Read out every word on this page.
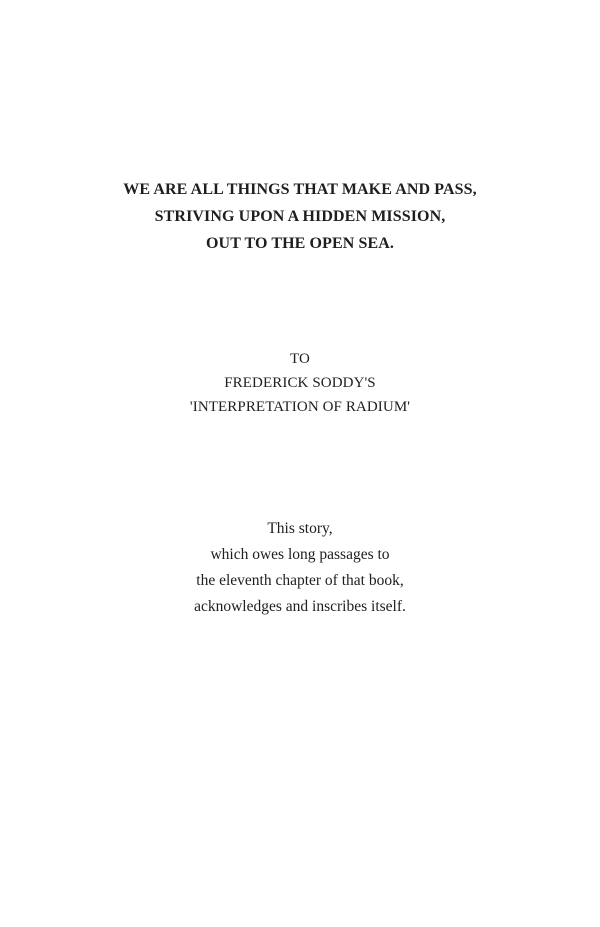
WE ARE ALL THINGS THAT MAKE AND PASS,
STRIVING UPON A HIDDEN MISSION,
OUT TO THE OPEN SEA.
TO
FREDERICK SODDY'S
'INTERPRETATION OF RADIUM'
This story,
which owes long passages to
the eleventh chapter of that book,
acknowledges and inscribes itself.
